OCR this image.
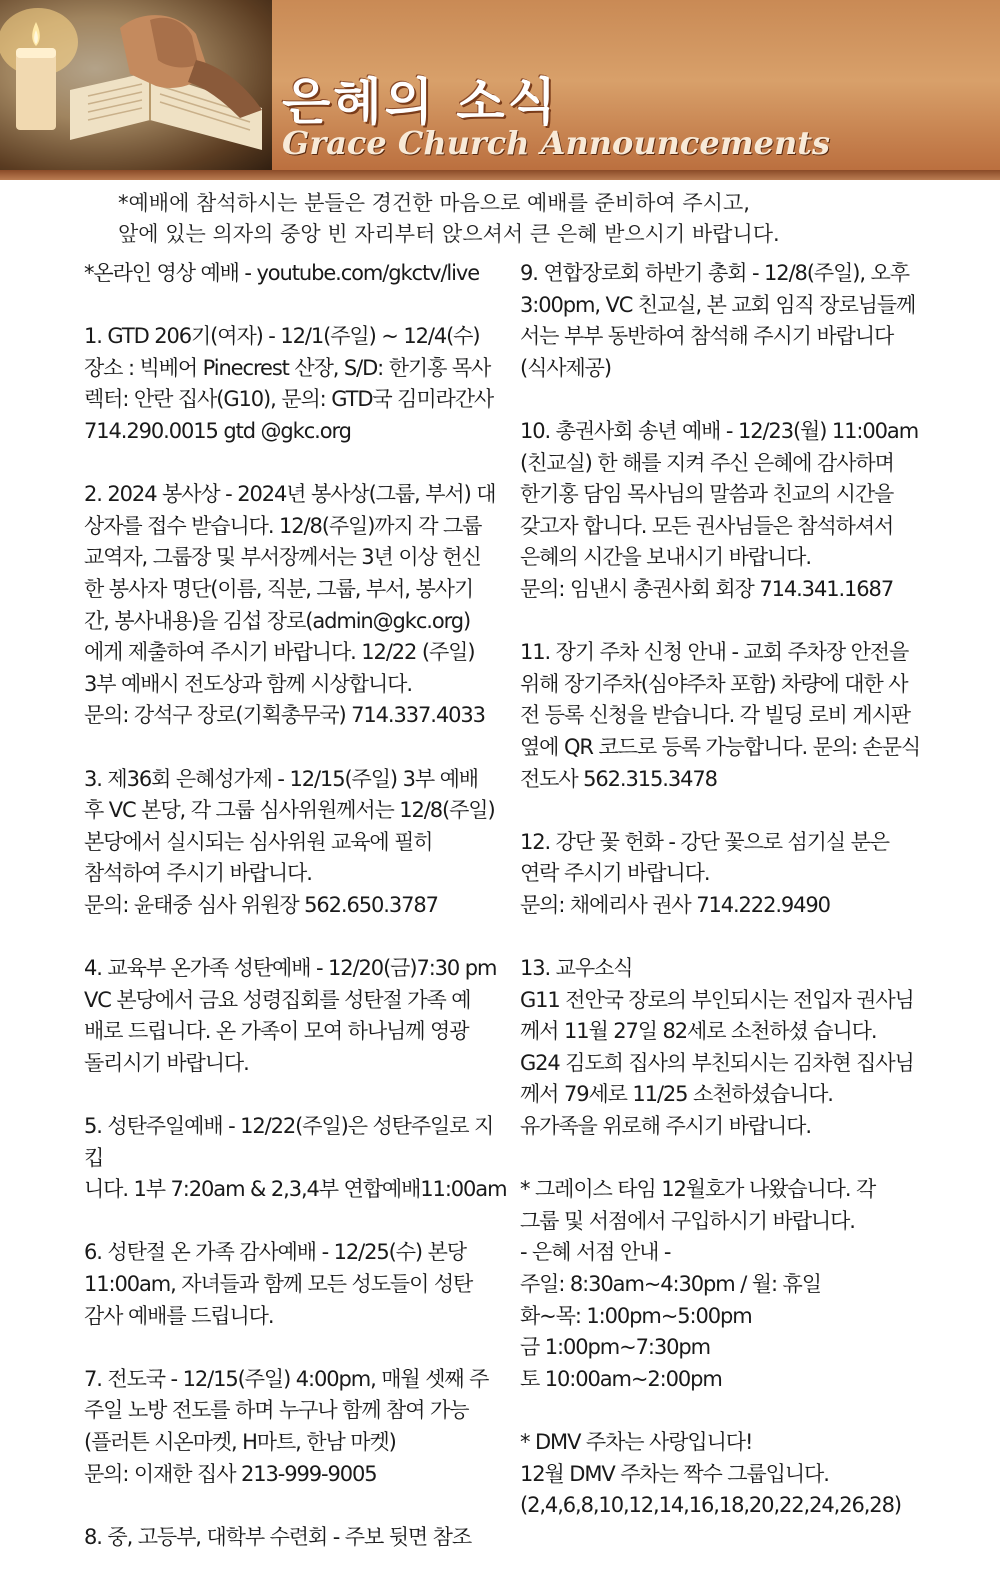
은혜의 소식
Grace Church Announcements

*예배에 참석하시는 분들은 경건한 마음으로 예배를 준비하여 주시고,

앞에 있는 의자의 중앙 빈 자리부터 앉으셔서 큰 은혜 받으시기 바랍니다.

*온라인 영상 예배 - youtube.com/gkctv/live

1. GTD 206기(여자) - 12/1(주일) ~ 12/4(수)

장소 : 빅베어 Pinecrest 산장, S/D: 한기홍 목사

렉터: 안란 집사(G10), 문의: GTD국 김미라간사

714.290.0015 gtd @gkc.org

2. 2024 봉사상 - 2024년 봉사상(그룹, 부서) 대

상자를 접수 받습니다. 12/8(주일)까지 각 그룹

교역자, 그룹장 및 부서장께서는 3년 이상 헌신

한 봉사자 명단(이름, 직분, 그룹, 부서, 봉사기

간, 봉사내용)을 김섭 장로(admin@gkc.org)

에게 제출하여 주시기 바랍니다. 12/22 (주일)

3부 예배시 전도상과 함께 시상합니다.

문의: 강석구 장로(기획총무국) 714.337.4033

3. 제36회 은혜성가제 - 12/15(주일) 3부 예배

후 VC 본당, 각 그룹 심사위원께서는 12/8(주일)

본당에서 실시되는 심사위원 교육에 필히

참석하여 주시기 바랍니다.

문의: 윤태중 심사 위원장 562.650.3787

4. 교육부 온가족 성탄예배 - 12/20(금)7:30 pm

VC 본당에서 금요 성령집회를 성탄절 가족 예

배로 드립니다. 온 가족이 모여 하나님께 영광

돌리시기 바랍니다.

5. 성탄주일예배 - 12/22(주일)은 성탄주일로 지킵

니다. 1부 7:20am & 2,3,4부 연합예배11:00am

6. 성탄절 온 가족 감사예배 - 12/25(수) 본당

11:00am, 자녀들과 함께 모든 성도들이 성탄

감사 예배를 드립니다.

7. 전도국 - 12/15(주일) 4:00pm, 매월 셋째 주

주일 노방 전도를 하며 누구나 함께 참여 가능

(플러튼 시온마켓, H마트, 한남 마켓)

문의: 이재한 집사 213-999-9005

8. 중, 고등부, 대학부 수련회 - 주보 뒷면 참조

9. 연합장로회 하반기 총회 - 12/8(주일), 오후

3:00pm, VC 친교실, 본 교회 임직 장로님들께

서는 부부 동반하여 참석해 주시기 바랍니다

(식사제공)

10. 총권사회 송년 예배 - 12/23(월) 11:00am

(친교실) 한 해를 지켜 주신 은혜에 감사하며

한기홍 담임 목사님의 말씀과 친교의 시간을

갖고자 합니다. 모든 권사님들은 참석하셔서

은혜의 시간을 보내시기 바랍니다.

문의: 임낸시 총권사회 회장 714.341.1687

11. 장기 주차 신청 안내 - 교회 주차장 안전을

위해 장기주차(심야주차 포함) 차량에 대한 사

전 등록 신청을 받습니다. 각 빌딩 로비 게시판

옆에 QR 코드로 등록 가능합니다. 문의: 손문식

전도사 562.315.3478

12. 강단 꽃 헌화 - 강단 꽃으로 섬기실 분은

연락 주시기 바랍니다.

문의: 채에리사 권사 714.222.9490

13. 교우소식

G11 전안국 장로의 부인되시는 전입자 권사님

께서 11월 27일 82세로 소천하셨 습니다.

G24 김도희 집사의 부친되시는 김차현 집사님

께서 79세로 11/25 소천하셨습니다.

유가족을 위로해 주시기 바랍니다.

* 그레이스 타임 12월호가 나왔습니다. 각

그룹 및 서점에서 구입하시기 바랍니다.

- 은혜 서점 안내 -

주일: 8:30am~4:30pm / 월: 휴일

화~목: 1:00pm~5:00pm

금 1:00pm~7:30pm

토 10:00am~2:00pm

* DMV 주차는 사랑입니다!

12월 DMV 주차는 짝수 그룹입니다.

(2,4,6,8,10,12,14,16,18,20,22,24,26,28)
